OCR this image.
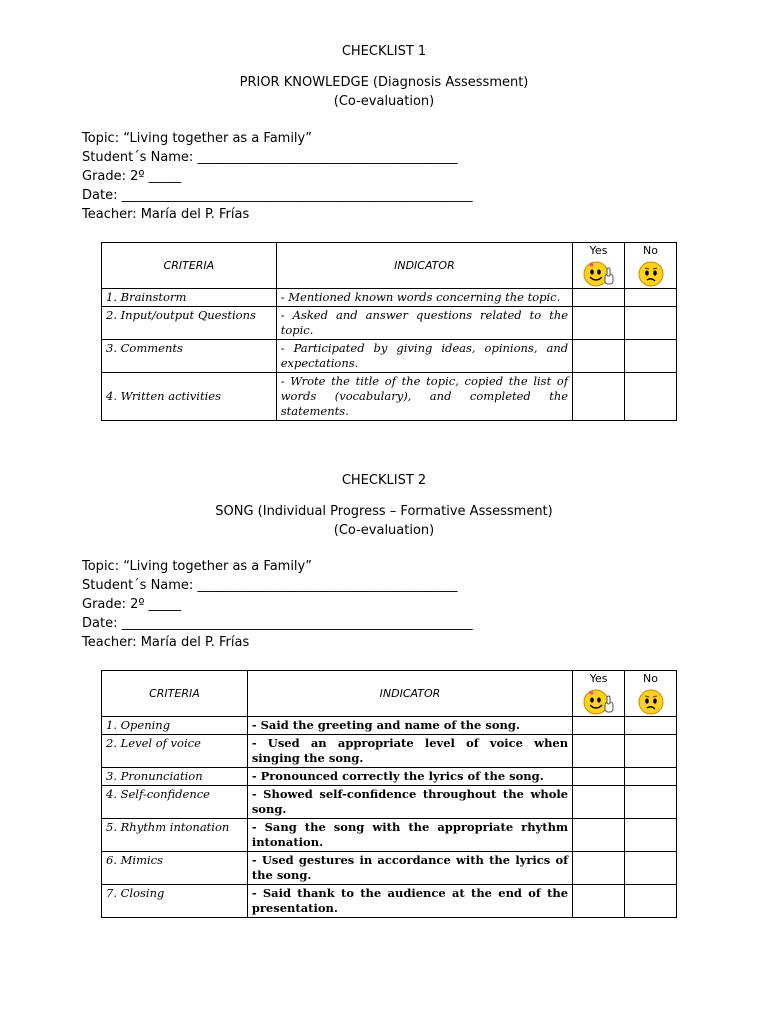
CHECKLIST 1
PRIOR KNOWLEDGE (Diagnosis Assessment)
(Co-evaluation)
Topic: “Living together as a Family”
Student´s Name: ________________________________________
Grade: 2º _____
Date: ______________________________________________________
Teacher: María del P. Frías
CRITERIA	INDICATOR	Yes	No

1. Brainstorm	- Mentioned known words concerning the topic.		
2. Input/output Questions	- Asked and answer questions related to the topic.		
3. Comments	- Participated by giving ideas, opinions, and expectations.		
4. Written activities	- Wrote the title of the topic, copied the list of words (vocabulary), and completed the statements.		
CHECKLIST 2
SONG (Individual Progress – Formative Assessment)
(Co-evaluation)
Topic: “Living together as a Family”
Student´s Name: ________________________________________
Grade: 2º _____
Date: ______________________________________________________
Teacher: María del P. Frías
CRITERIA	INDICATOR	Yes	No

1. Opening	- Said the greeting and name of the song.		
2. Level of voice	- Used an appropriate level of voice when singing the song.		
3. Pronunciation	- Pronounced correctly the lyrics of the song.		
4. Self-confidence	- Showed self-confidence throughout the whole song.		
5. Rhythm intonation	- Sang the song with the appropriate rhythm intonation.		
6. Mimics	- Used gestures in accordance with the lyrics of the song.		
7. Closing	- Said thank to the audience at the end of the presentation.		
